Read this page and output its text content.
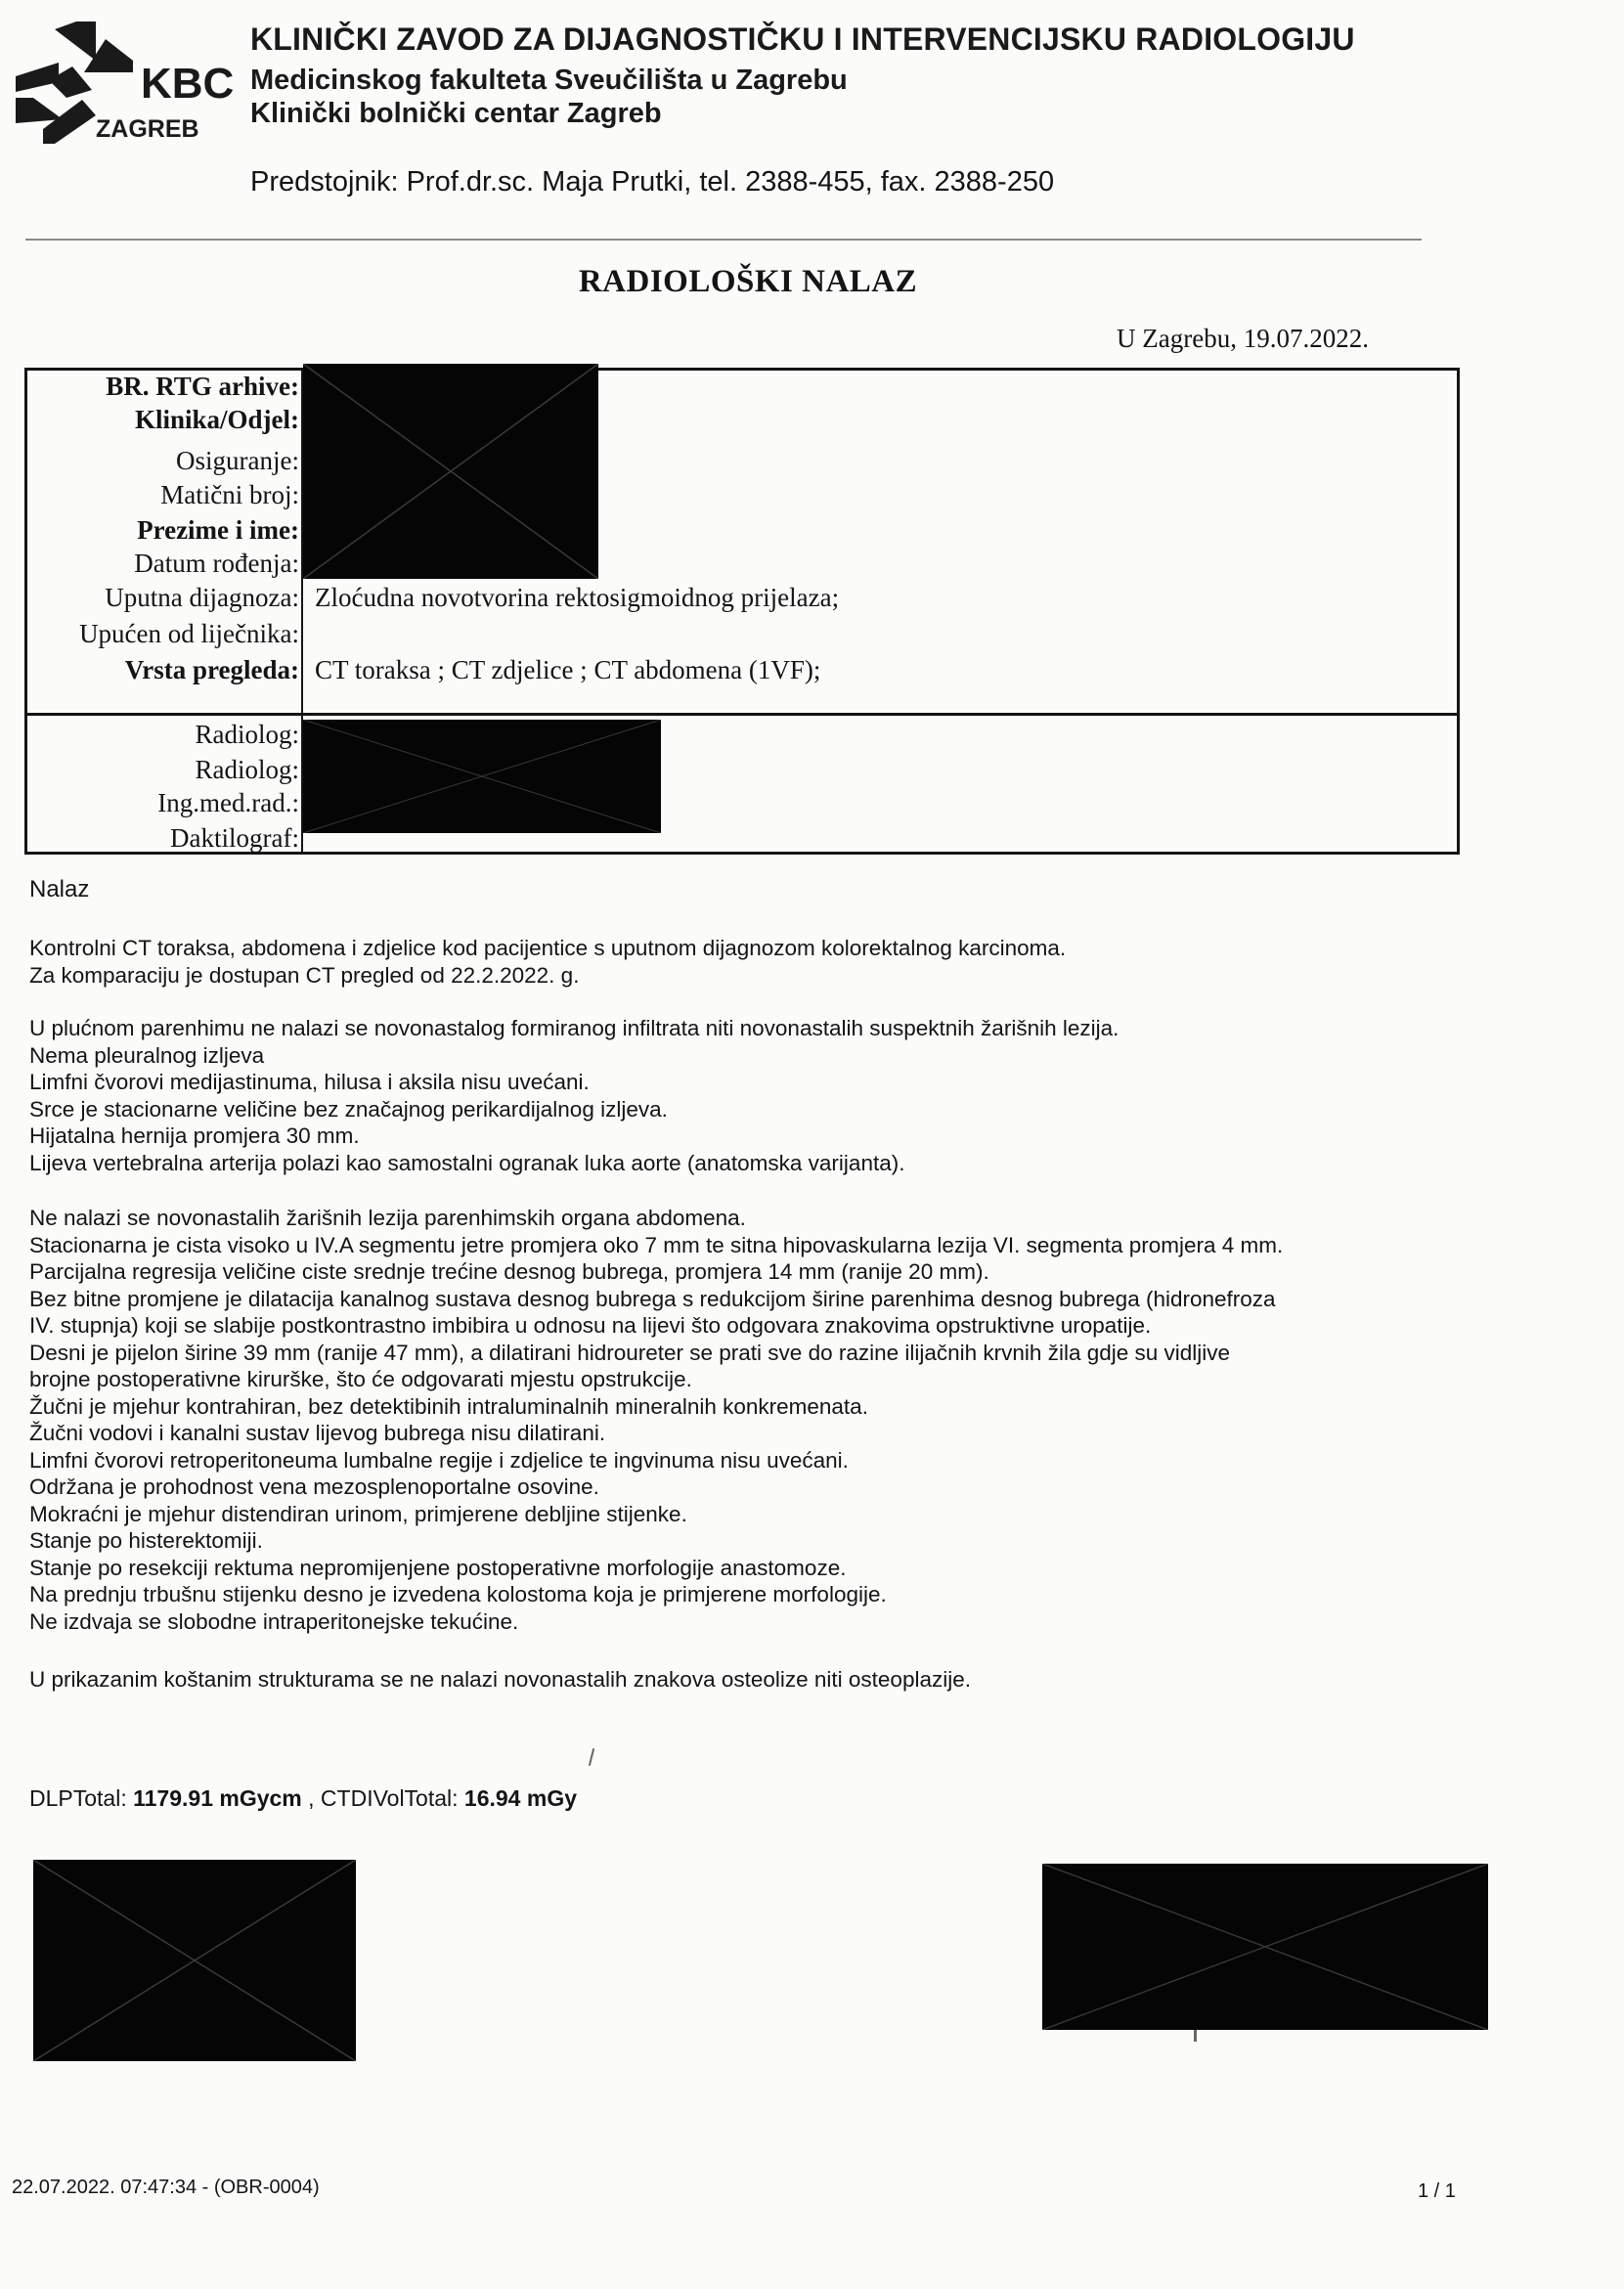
KBC
ZAGREB
KLINIČKI ZAVOD ZA DIJAGNOSTIČKU I INTERVENCIJSKU RADIOLOGIJU
Medicinskog fakulteta Sveučilišta u Zagrebu
Klinički bolnički centar Zagreb
Predstojnik: Prof.dr.sc. Maja Prutki, tel. 2388-455, fax. 2388-250
RADIOLOŠKI NALAZ
U Zagrebu, 19.07.2022.
BR. RTG arhive:
Klinika/Odjel:
Osiguranje:
Matični broj:
Prezime i ime:
Datum rođenja:
Uputna dijagnoza:
Upućen od liječnika:
Vrsta pregleda:
Zloćudna novotvorina rektosigmoidnog prijelaza;
CT toraksa ; CT zdjelice ; CT abdomena (1VF);
Radiolog:
Radiolog:
Ing.med.rad.:
Daktilograf:
Nalaz
Kontrolni CT toraksa, abdomena i zdjelice kod pacijentice s uputnom dijagnozom kolorektalnog karcinoma.
Za komparaciju je dostupan CT pregled od 22.2.2022. g.
U plućnom parenhimu ne nalazi se novonastalog formiranog infiltrata niti novonastalih suspektnih žarišnih lezija.
Nema pleuralnog izljeva
Limfni čvorovi medijastinuma, hilusa i aksila nisu uvećani.
Srce je stacionarne veličine bez značajnog perikardijalnog izljeva.
Hijatalna hernija promjera 30 mm.
Lijeva vertebralna arterija polazi kao samostalni ogranak luka aorte (anatomska varijanta).
Ne nalazi se novonastalih žarišnih lezija parenhimskih organa abdomena.
Stacionarna je cista visoko u IV.A segmentu jetre promjera oko 7 mm te sitna hipovaskularna lezija VI. segmenta promjera 4 mm.
Parcijalna regresija veličine ciste srednje trećine desnog bubrega, promjera 14 mm (ranije 20 mm).
Bez bitne promjene je dilatacija kanalnog sustava desnog bubrega s redukcijom širine parenhima desnog bubrega (hidronefroza
IV. stupnja) koji se slabije postkontrastno imbibira u odnosu na lijevi što odgovara znakovima opstruktivne uropatije.
Desni je pijelon širine 39 mm (ranije 47 mm), a dilatirani hidroureter se prati sve do razine ilijačnih krvnih žila gdje su vidljive
brojne postoperativne kirurške, što će odgovarati mjestu opstrukcije.
Žučni je mjehur kontrahiran, bez detektibinih intraluminalnih mineralnih konkremenata.
Žučni vodovi i kanalni sustav lijevog bubrega nisu dilatirani.
Limfni čvorovi retroperitoneuma lumbalne regije i zdjelice te ingvinuma nisu uvećani.
Održana je prohodnost vena mezosplenoportalne osovine.
Mokraćni je mjehur distendiran urinom, primjerene debljine stijenke.
Stanje po histerektomiji.
Stanje po resekciji rektuma nepromijenjene postoperativne morfologije anastomoze.
Na prednju trbušnu stijenku desno je izvedena kolostoma koja je primjerene morfologije.
Ne izdvaja se slobodne intraperitonejske tekućine.
U prikazanim koštanim strukturama se ne nalazi novonastalih znakova osteolize niti osteoplazije.
DLPTotal: 1179.91 mGycm , CTDIVolTotal: 16.94 mGy
22.07.2022. 07:47:34 - (OBR-0004)	1 / 1
